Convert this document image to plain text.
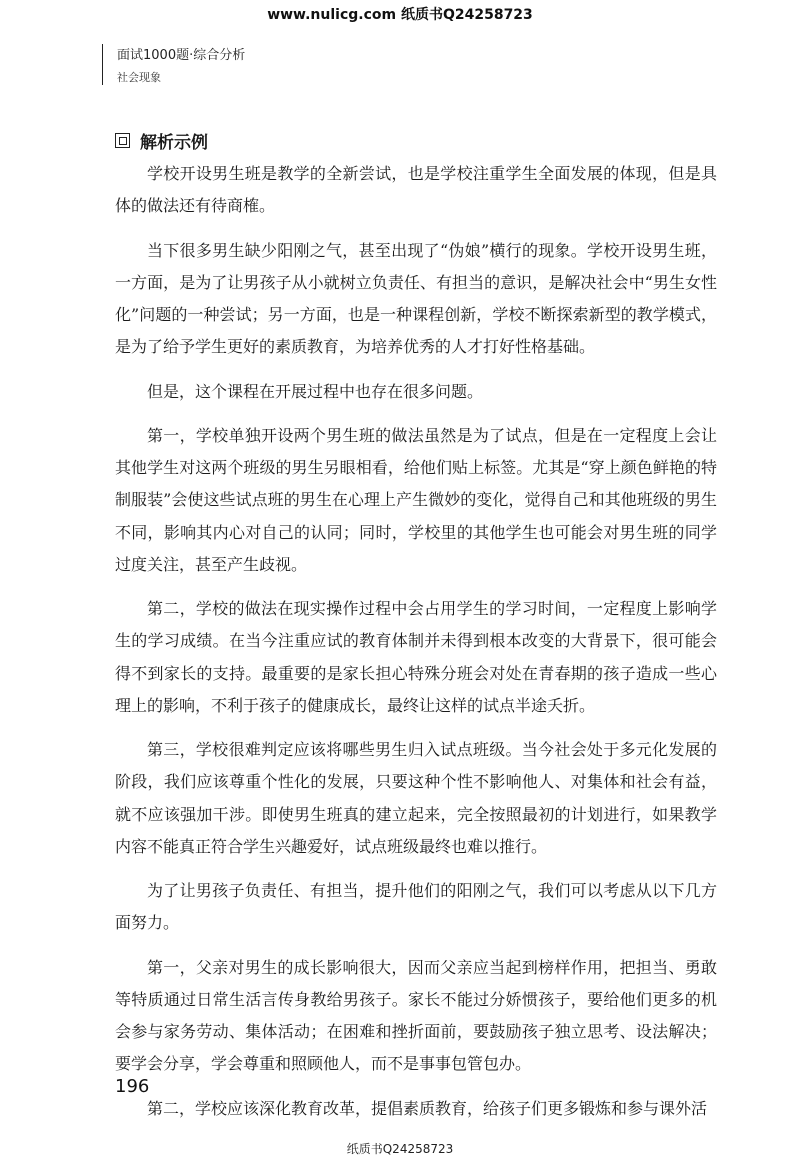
www.nulicg.com 纸质书Q24258723
面试1000题·综合分析
社会现象
解析示例

学校开设男生班是教学的全新尝试，也是学校注重学生全面发展的体现，但是具体的做法还有待商榷。

当下很多男生缺少阳刚之气，甚至出现了“伪娘”横行的现象。学校开设男生班，一方面，是为了让男孩子从小就树立负责任、有担当的意识，是解决社会中“男生女性化”问题的一种尝试；另一方面，也是一种课程创新，学校不断探索新型的教学模式，是为了给予学生更好的素质教育，为培养优秀的人才打好性格基础。

但是，这个课程在开展过程中也存在很多问题。

第一，学校单独开设两个男生班的做法虽然是为了试点，但是在一定程度上会让其他学生对这两个班级的男生另眼相看，给他们贴上标签。尤其是“穿上颜色鲜艳的特制服装”会使这些试点班的男生在心理上产生微妙的变化，觉得自己和其他班级的男生不同，影响其内心对自己的认同；同时，学校里的其他学生也可能会对男生班的同学过度关注，甚至产生歧视。

第二，学校的做法在现实操作过程中会占用学生的学习时间，一定程度上影响学生的学习成绩。在当今注重应试的教育体制并未得到根本改变的大背景下，很可能会得不到家长的支持。最重要的是家长担心特殊分班会对处在青春期的孩子造成一些心理上的影响，不利于孩子的健康成长，最终让这样的试点半途夭折。

第三，学校很难判定应该将哪些男生归入试点班级。当今社会处于多元化发展的阶段，我们应该尊重个性化的发展，只要这种个性不影响他人、对集体和社会有益，就不应该强加干涉。即使男生班真的建立起来，完全按照最初的计划进行，如果教学内容不能真正符合学生兴趣爱好，试点班级最终也难以推行。

为了让男孩子负责任、有担当，提升他们的阳刚之气，我们可以考虑从以下几方面努力。

第一，父亲对男生的成长影响很大，因而父亲应当起到榜样作用，把担当、勇敢等特质通过日常生活言传身教给男孩子。家长不能过分娇惯孩子，要给他们更多的机会参与家务劳动、集体活动；在困难和挫折面前，要鼓励孩子独立思考、设法解决；要学会分享，学会尊重和照顾他人，而不是事事包管包办。

第二，学校应该深化教育改革，提倡素质教育，给孩子们更多锻炼和参与课外活

196
纸质书Q24258723
